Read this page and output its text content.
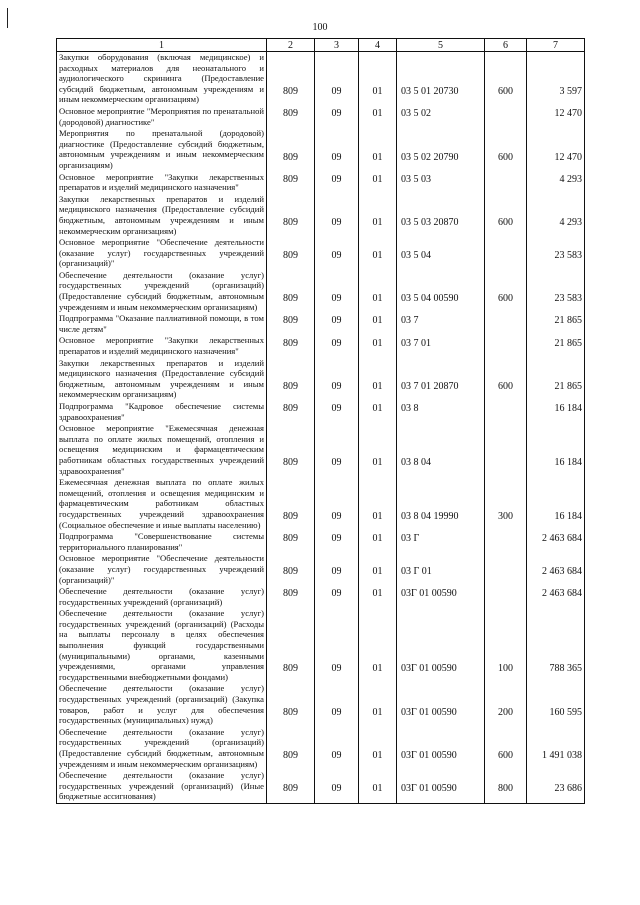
100
1	2	3	4	5	6	7
Закупки оборудования (включая медицинское) и расходных материалов для неонатального и аудиологического скрининга (Предоставление субсидий бюджетным, автономным учреждениям и иным некоммерческим организациям)	809	09	01	03 5 01 20730	600	3 597
Основное мероприятие "Мероприятия по пренатальной (дородовой) диагностике"	809	09	01	03 5 02		12 470
Мероприятия по пренатальной (дородовой) диагностике (Предоставление субсидий бюджетным, автономным учреждениям и иным некоммерческим организациям)	809	09	01	03 5 02 20790	600	12 470
Основное мероприятие "Закупки лекарственных препаратов и изделий медицинского назначения"	809	09	01	03 5 03		4 293
Закупки лекарственных препаратов и изделий медицинского назначения (Предоставление субсидий бюджетным, автономным учреждениям и иным некоммерческим организациям)	809	09	01	03 5 03 20870	600	4 293
Основное мероприятие "Обеспечение деятельности (оказание услуг) государственных учреждений (организаций)"	809	09	01	03 5 04		23 583
Обеспечение деятельности (оказание услуг) государственных учреждений (организаций) (Предоставление субсидий бюджетным, автономным учреждениям и иным некоммерческим организациям)	809	09	01	03 5 04 00590	600	23 583
Подпрограмма "Оказание паллиативной помощи, в том числе детям"	809	09	01	03 7		21 865
Основное мероприятие "Закупки лекарственных препаратов и изделий медицинского назначения"	809	09	01	03 7 01		21 865
Закупки лекарственных препаратов и изделий медицинского назначения (Предоставление субсидий бюджетным, автономным учреждениям и иным некоммерческим организациям)	809	09	01	03 7 01 20870	600	21 865
Подпрограмма "Кадровое обеспечение системы здравоохранения"	809	09	01	03 8		16 184
Основное мероприятие "Ежемесячная денежная выплата по оплате жилых помещений, отопления и освещения медицинским и фармацевтическим работникам областных государственных учреждений здравоохранения"	809	09	01	03 8 04		16 184
Ежемесячная денежная выплата по оплате жилых помещений, отопления и освещения медицинским и фармацевтическим работникам областных государственных учреждений здравоохранения (Социальное обеспечение и иные выплаты населению)	809	09	01	03 8 04 19990	300	16 184
Подпрограмма "Совершенствование системы территориального планирования"	809	09	01	03 Г		2 463 684
Основное мероприятие "Обеспечение деятельности (оказание услуг) государственных учреждений (организаций)"	809	09	01	03 Г 01		2 463 684
Обеспечение деятельности (оказание услуг) государственных учреждений (организаций)	809	09	01	03Г 01 00590		2 463 684
Обеспечение деятельности (оказание услуг) государственных учреждений (организаций) (Расходы на выплаты персоналу в целях обеспечения выполнения функций государственными (муниципальными) органами, казенными учреждениями, органами управления государственными внебюджетными фондами)	809	09	01	03Г 01 00590	100	788 365
Обеспечение деятельности (оказание услуг) государственных учреждений (организаций) (Закупка товаров, работ и услуг для обеспечения государственных (муниципальных) нужд)	809	09	01	03Г 01 00590	200	160 595
Обеспечение деятельности (оказание услуг) государственных учреждений (организаций) (Предоставление субсидий бюджетным, автономным учреждениям и иным некоммерческим организациям)	809	09	01	03Г 01 00590	600	1 491 038
Обеспечение деятельности (оказание услуг) государственных учреждений (организаций) (Иные бюджетные ассигнования)	809	09	01	03Г 01 00590	800	23 686
